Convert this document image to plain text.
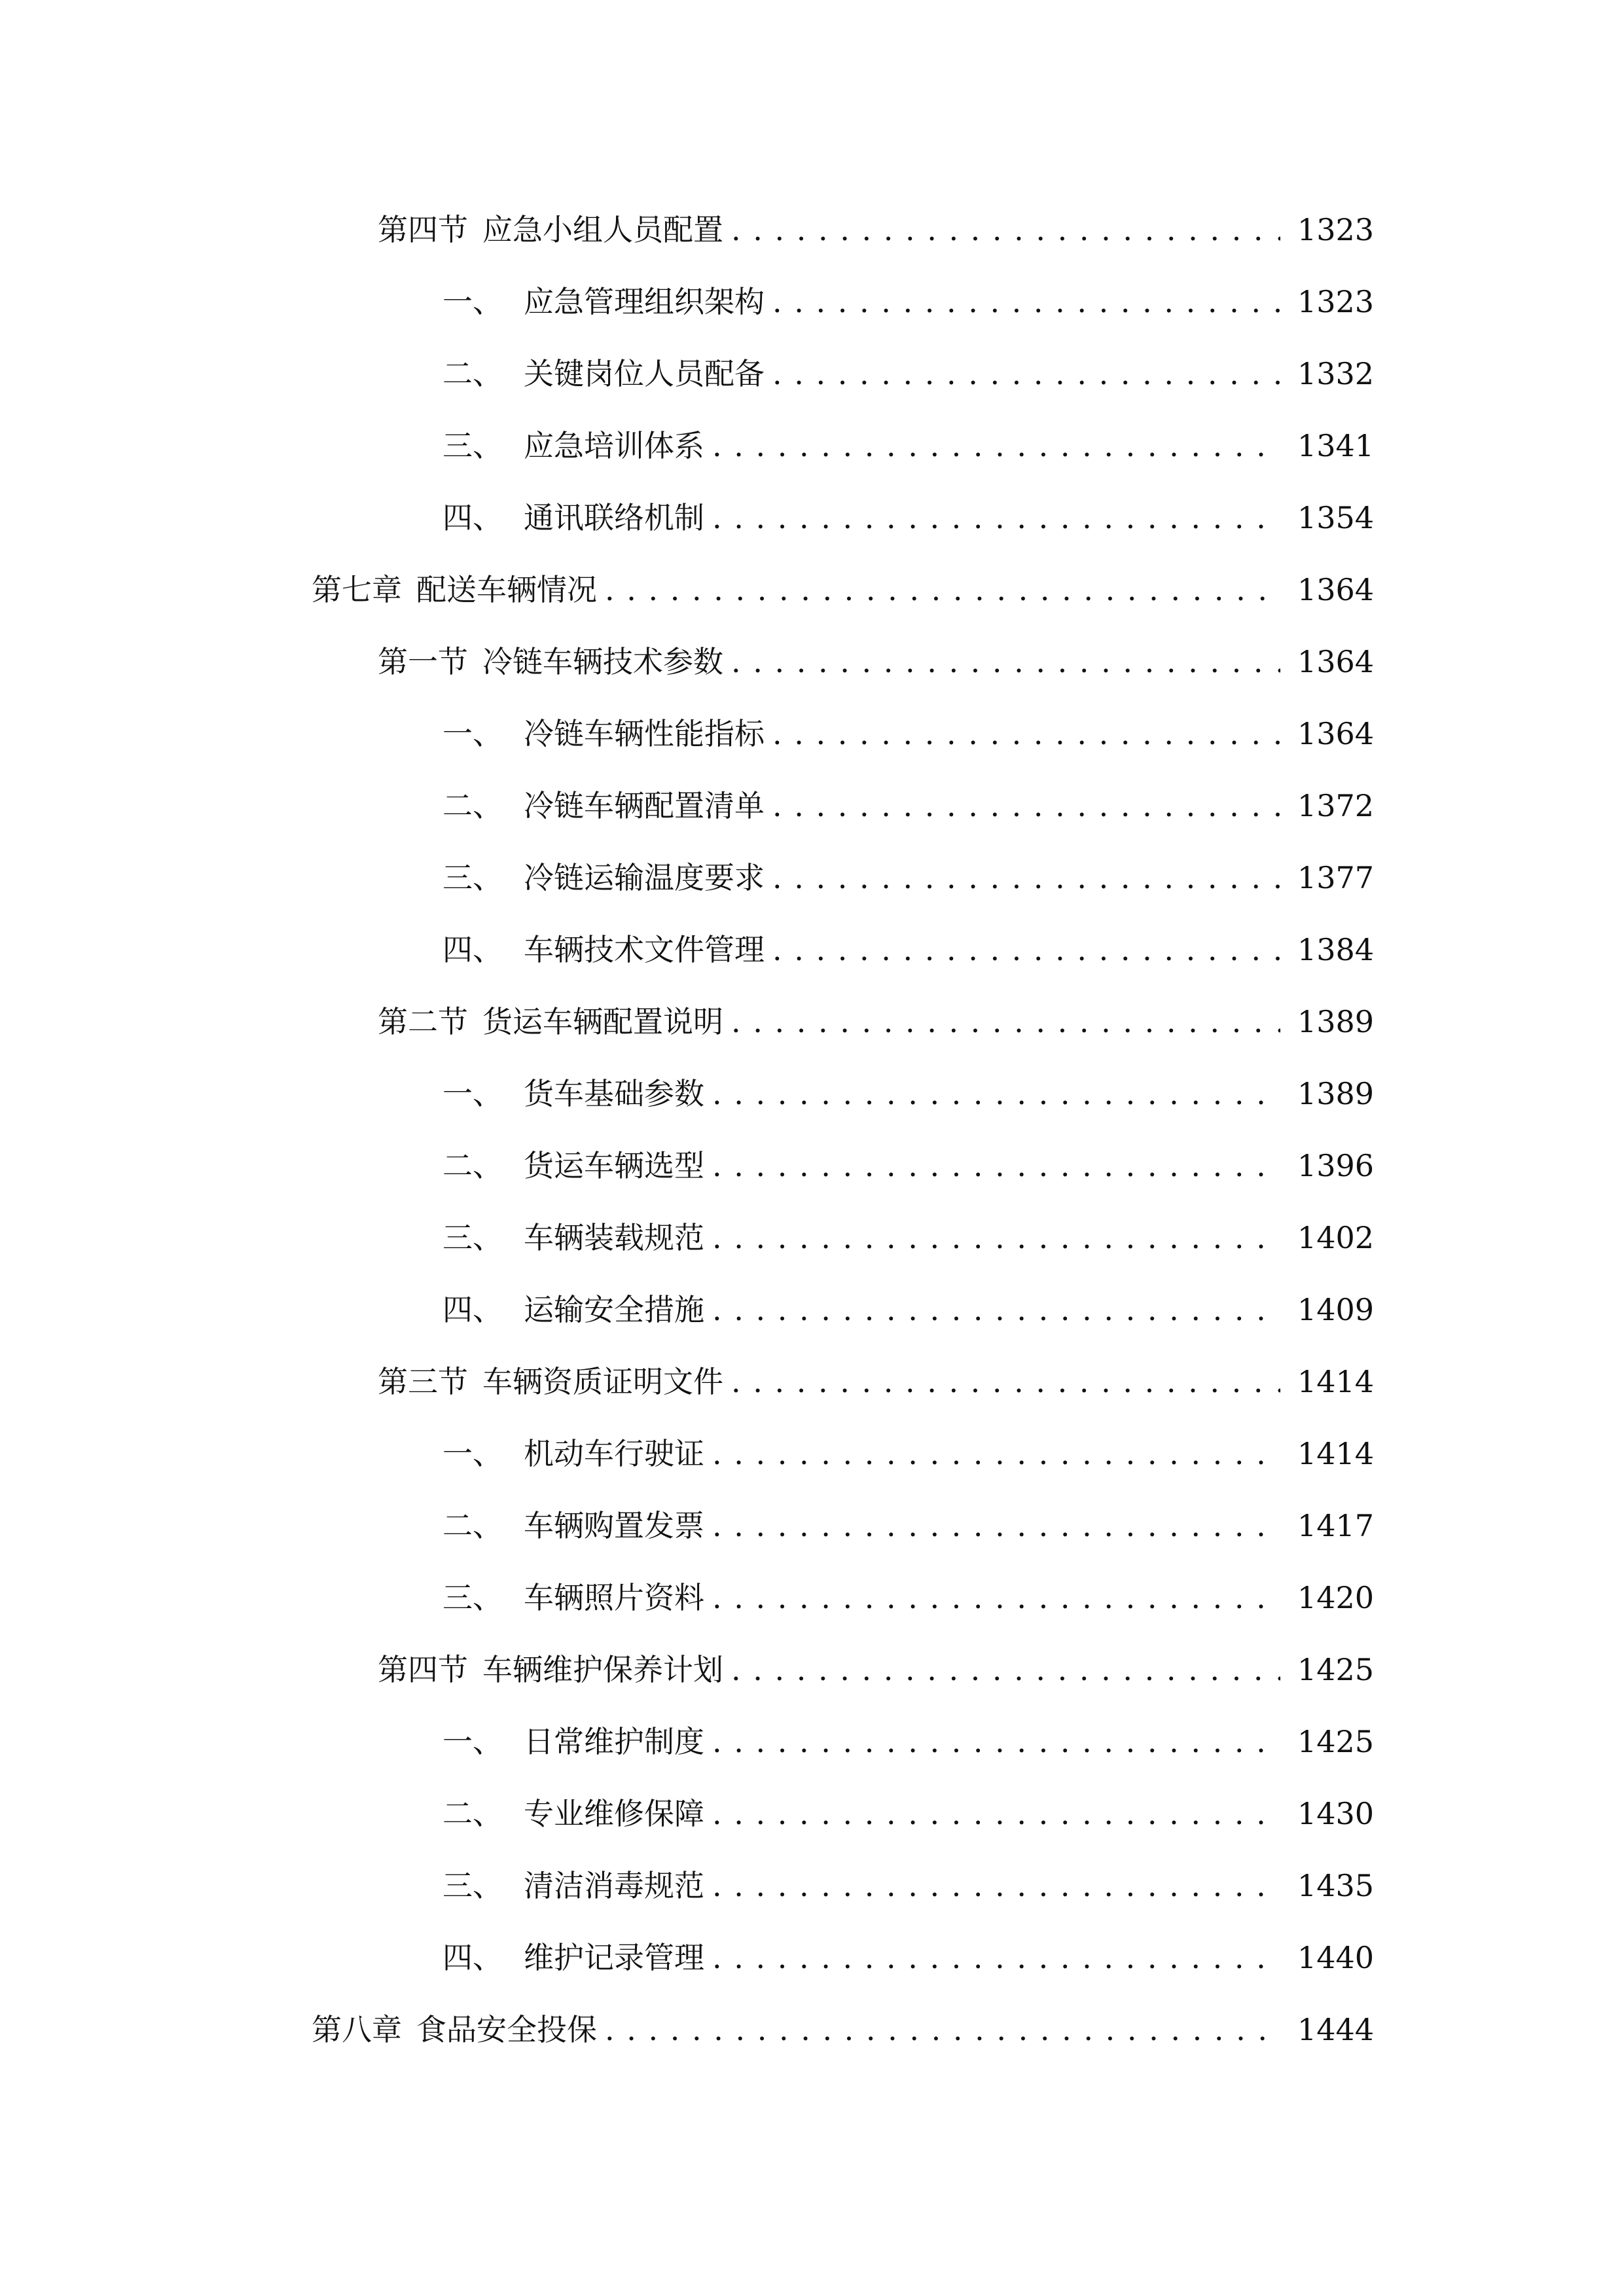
第四节 应急小组人员配置 . . .	1323
一、 应急管理组织架构 . . .	1323
二、 关键岗位人员配备 . . .	1332
三、 应急培训体系 . . .	1341
四、 通讯联络机制 . . .	1354
第七章 配送车辆情况 . . .	1364
第一节 冷链车辆技术参数 . . .	1364
一、 冷链车辆性能指标 . . .	1364
二、 冷链车辆配置清单 . . .	1372
三、 冷链运输温度要求 . . .	1377
四、 车辆技术文件管理 . . .	1384
第二节 货运车辆配置说明 . . .	1389
一、 货车基础参数 . . .	1389
二、 货运车辆选型 . . .	1396
三、 车辆装载规范 . . .	1402
四、 运输安全措施 . . .	1409
第三节 车辆资质证明文件 . . .	1414
一、 机动车行驶证 . . .	1414
二、 车辆购置发票 . . .	1417
三、 车辆照片资料 . . .	1420
第四节 车辆维护保养计划 . . .	1425
一、 日常维护制度 . . .	1425
二、 专业维修保障 . . .	1430
三、 清洁消毒规范 . . .	1435
四、 维护记录管理 . . .	1440
第八章 食品安全投保 . . .	1444
